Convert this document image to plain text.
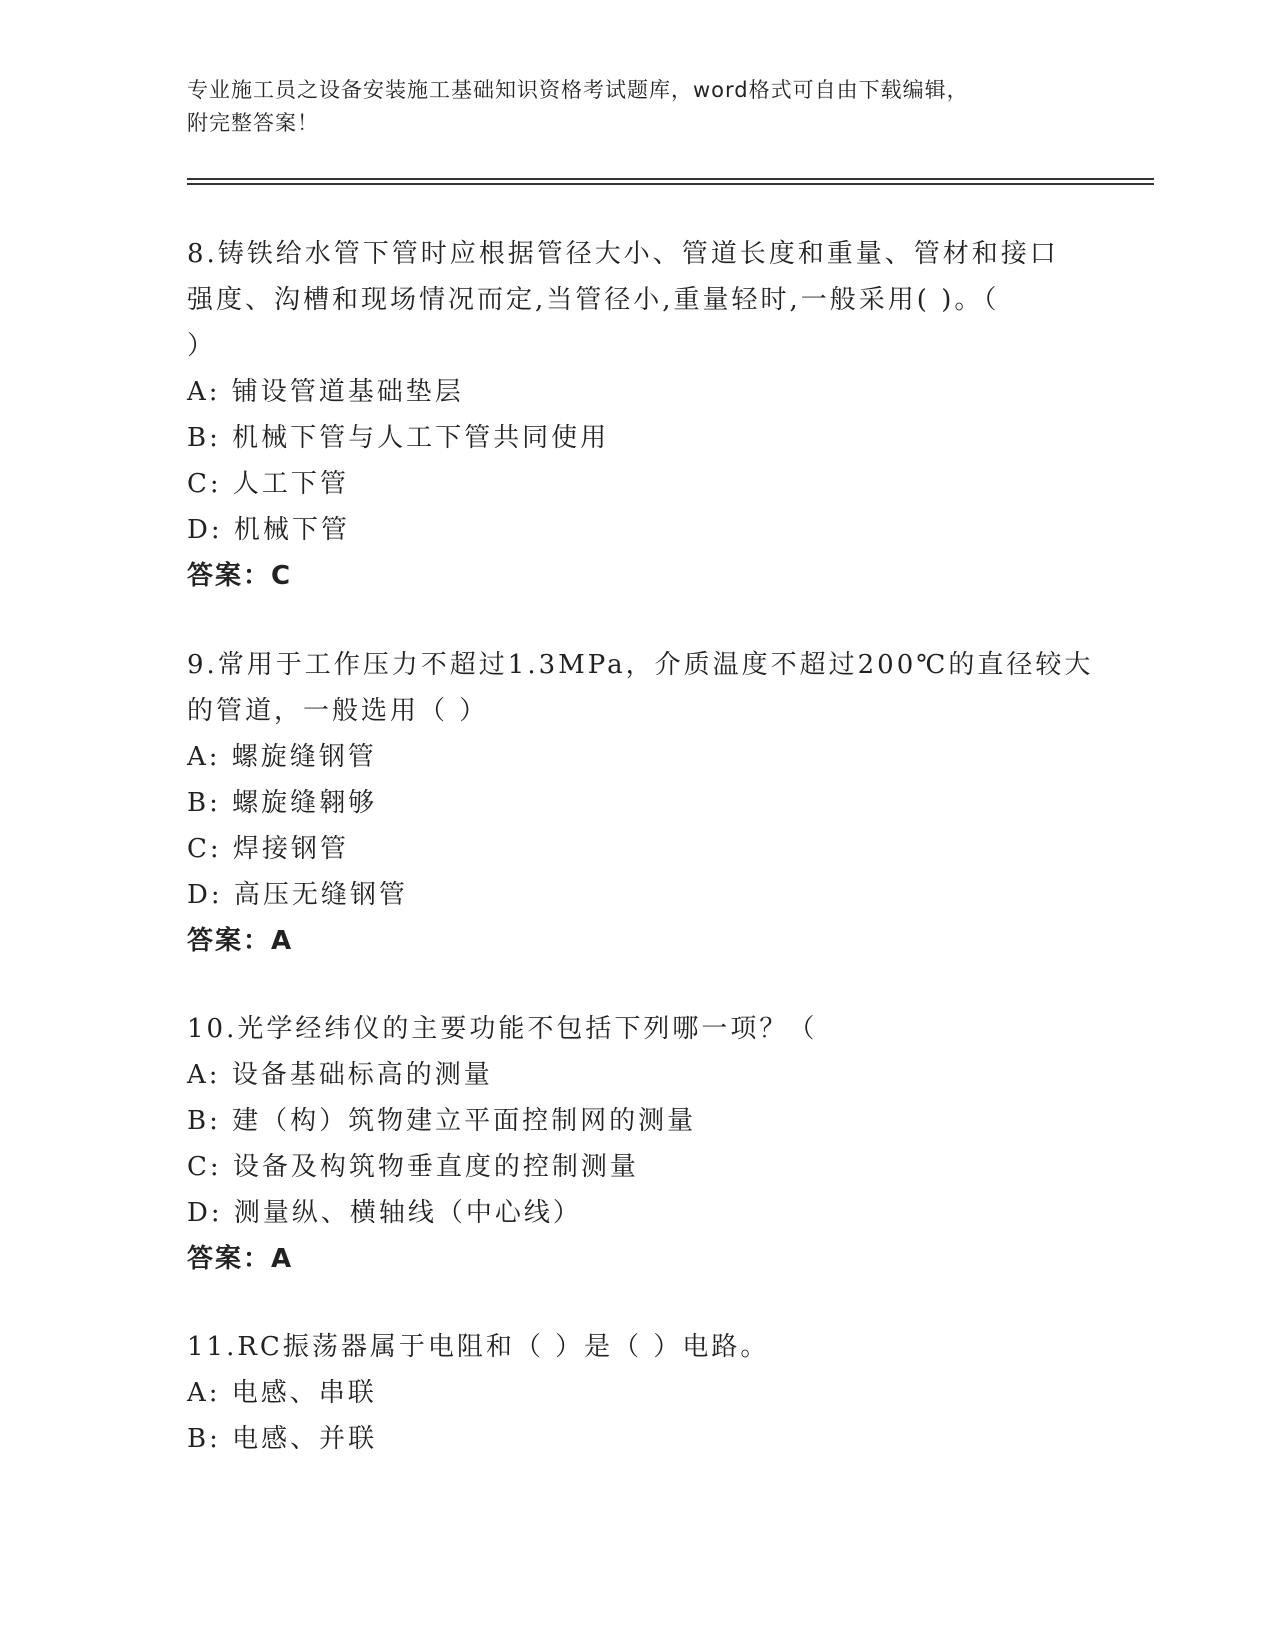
专业施工员之设备安装施工基础知识资格考试题库，word格式可自由下载编辑，
附完整答案！

8.铸铁给水管下管时应根据管径大小、管道长度和重量、管材和接口

强度、沟槽和现场情况而定,当管径小,重量轻时,一般采用( )。（

）

A: 铺设管道基础垫层

B: 机械下管与人工下管共同使用

C: 人工下管

D: 机械下管

答案：C

9.常用于工作压力不超过1.3MPa，介质温度不超过200℃的直径较大

的管道，一般选用（ ）

A: 螺旋缝钢管

B: 螺旋缝翱够

C: 焊接钢管

D: 高压无缝钢管

答案：A

10.光学经纬仪的主要功能不包括下列哪一项？（

A: 设备基础标高的测量

B: 建（构）筑物建立平面控制网的测量

C: 设备及构筑物垂直度的控制测量

D: 测量纵、横轴线（中心线）

答案：A

11.RC振荡器属于电阻和（ ）是（ ）电路。

A: 电感、串联

B: 电感、并联
